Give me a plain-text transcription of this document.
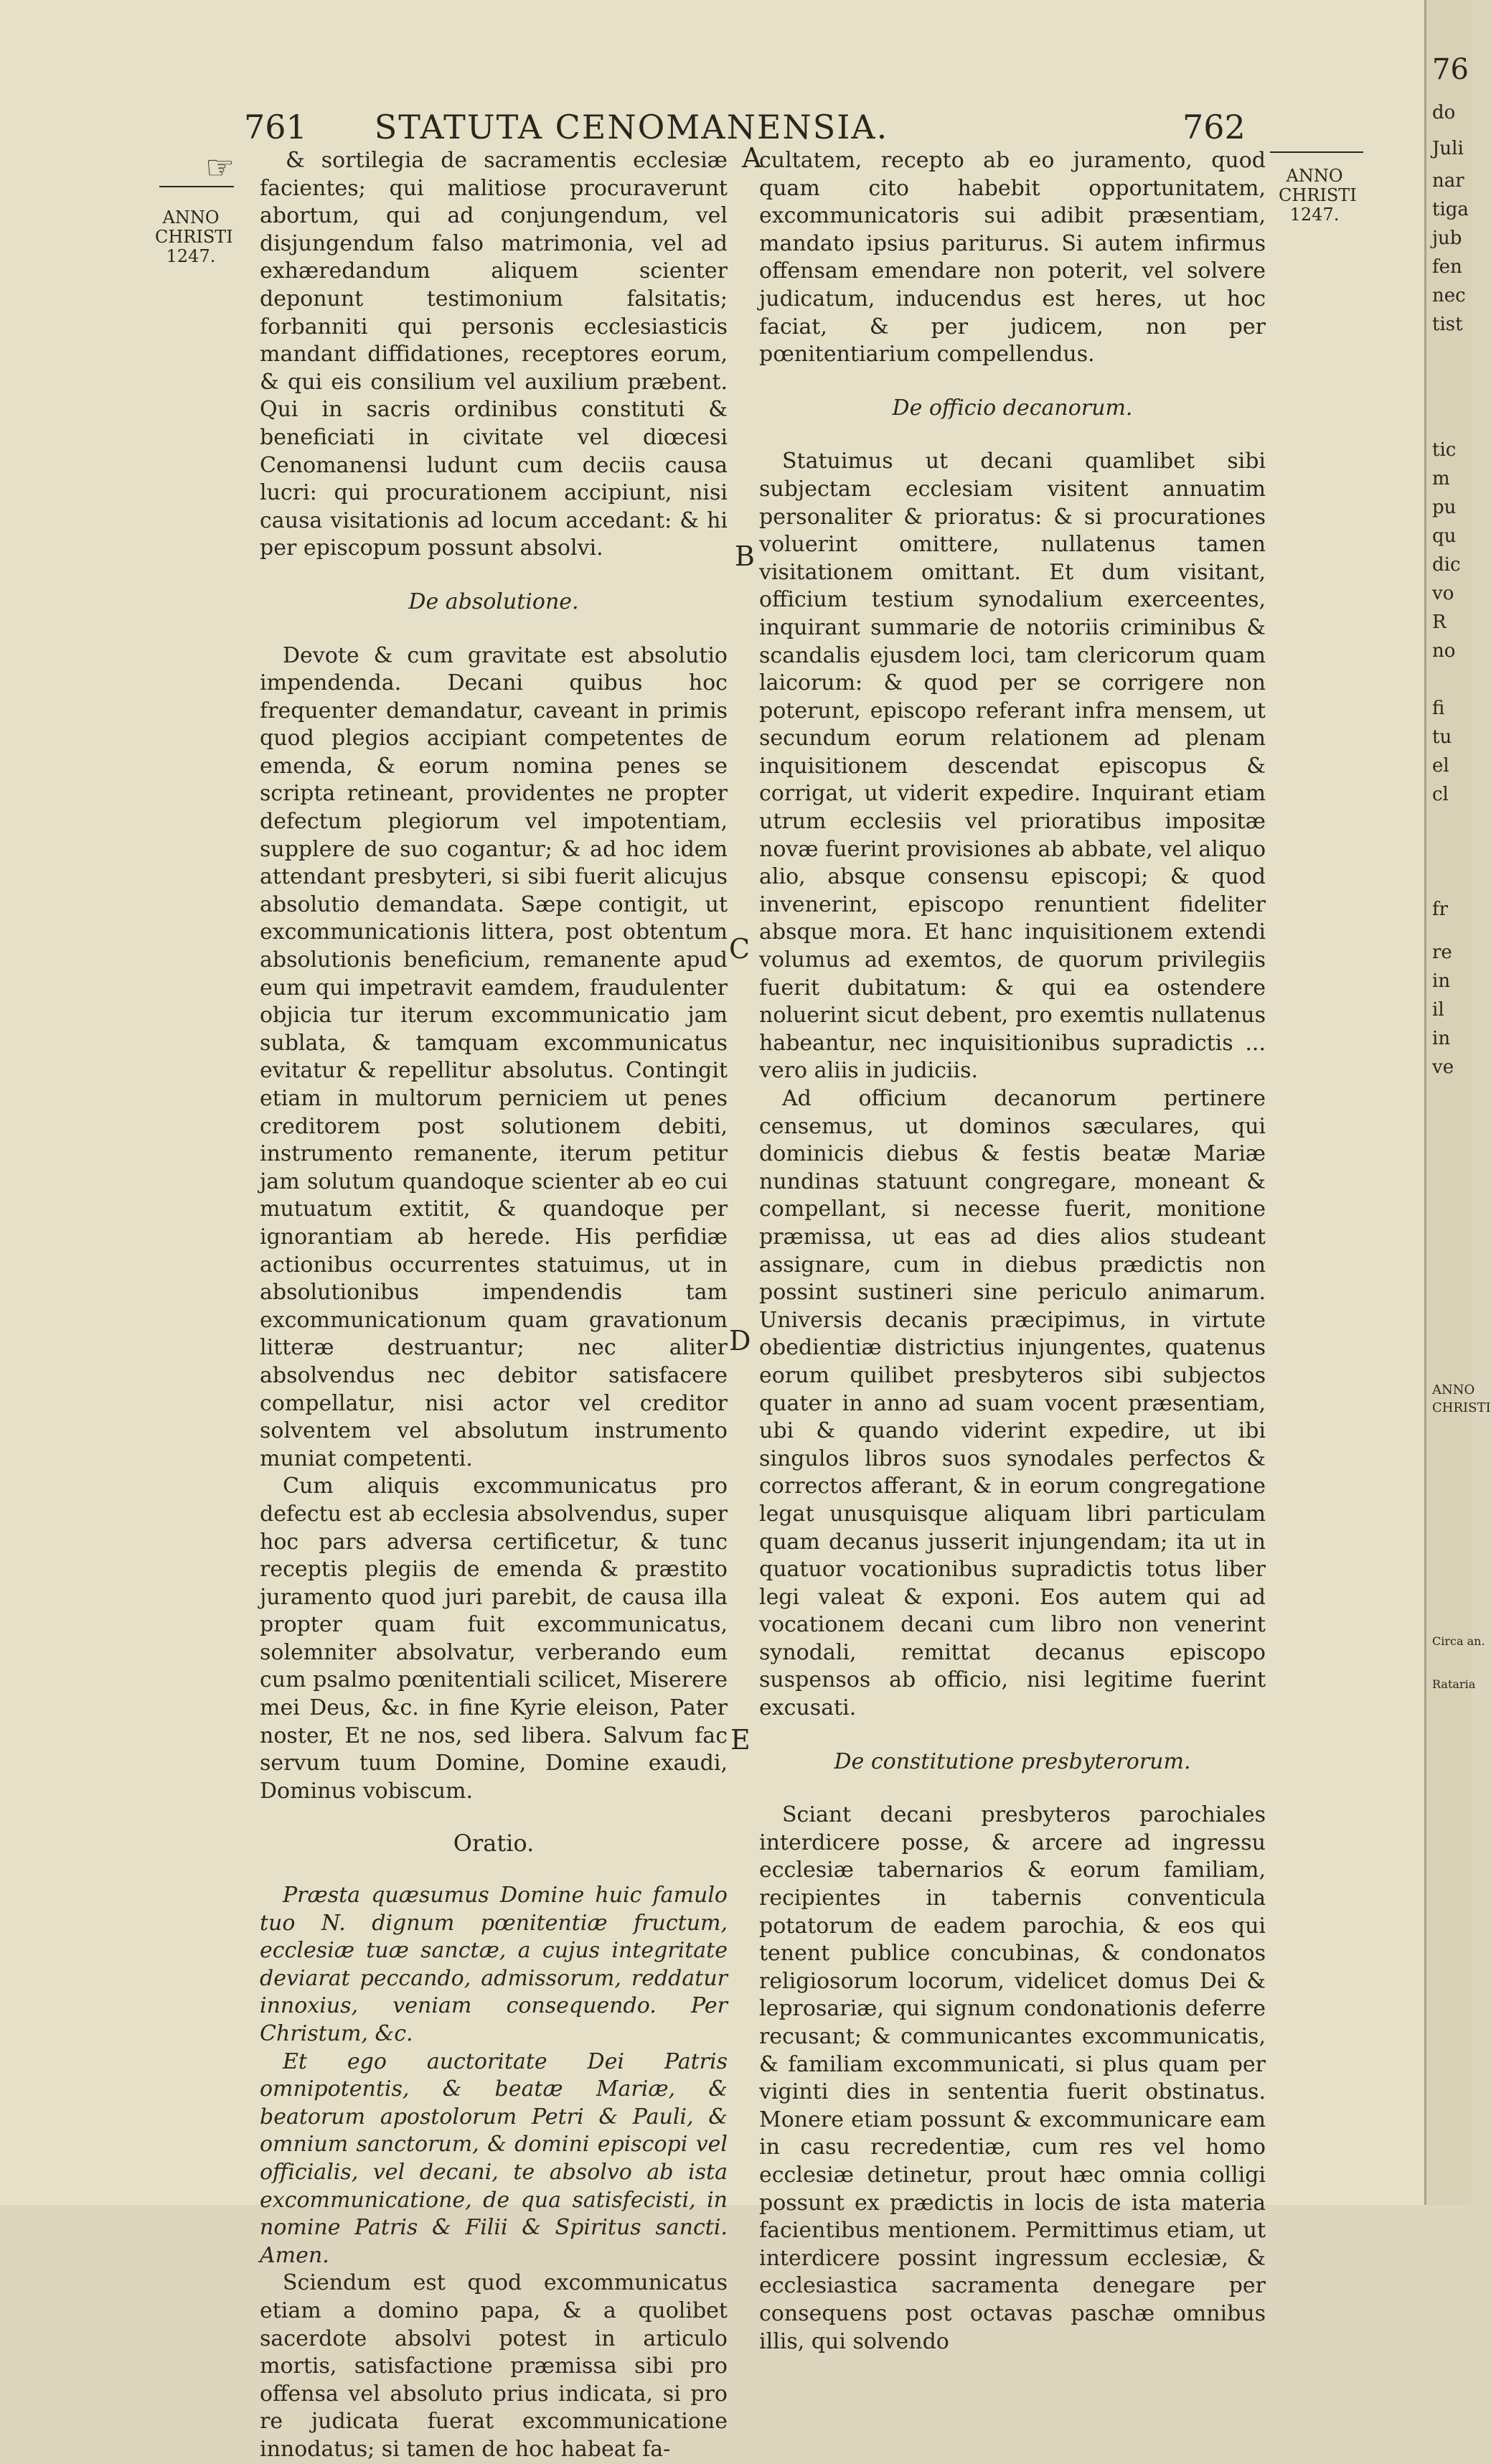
761	STATUTA CENOMANENSIA.	762
☞
ANNO
CHRISTI
1247.
ANNO
CHRISTI
1247.
A
B
C
D
E

& sortilegia de sacramentis ecclesiæ facientes; qui malitiose procuraverunt abortum, qui ad conjungendum, vel disjungendum falso matrimonia, vel ad exhæredandum aliquem scienter deponunt testimonium falsitatis; forbanniti qui personis ecclesiasticis mandant diffidationes, receptores eorum, & qui eis consilium vel auxilium præbent. Qui in sacris ordinibus constituti & beneficiati in civitate vel diœcesi Cenomanensi ludunt cum deciis causa lucri: qui procurationem accipiunt, nisi causa visitationis ad locum accedant: & hi per episcopum possunt absolvi.

De absolutione.

Devote & cum gravitate est absolutio impendenda. Decani quibus hoc frequenter demandatur, caveant in primis quod plegios accipiant competentes de emenda, & eorum nomina penes se scripta retineant, providentes ne propter defectum plegiorum vel impotentiam, supplere de suo cogantur; & ad hoc idem attendant presbyteri, si sibi fuerit alicujus absolutio demandata. Sæpe contigit, ut excommunicationis littera, post obtentum absolutionis beneficium, remanente apud eum qui impetravit eamdem, fraudulenter objicia tur iterum excommunicatio jam sublata, & tamquam excommunicatus evitatur & repellitur absolutus. Contingit etiam in multorum perniciem ut penes creditorem post solutionem debiti, instrumento remanente, iterum petitur jam solutum quandoque scienter ab eo cui mutuatum extitit, & quandoque per ignorantiam ab herede. His perfidiæ actionibus occurrentes statuimus, ut in absolutionibus impendendis tam excommunicationum quam gravationum litteræ destruantur; nec aliter absolvendus nec debitor satisfacere compellatur, nisi actor vel creditor solventem vel absolutum instrumento muniat competenti.

Cum aliquis excommunicatus pro defectu est ab ecclesia absolvendus, super hoc pars adversa certificetur, & tunc receptis plegiis de emenda & præstito juramento quod juri parebit, de causa illa propter quam fuit excommunicatus, solemniter absolvatur, verberando eum cum psalmo pœnitentiali scilicet, Miserere mei Deus, &c. in fine Kyrie eleison, Pater noster, Et ne nos, sed libera. Salvum fac servum tuum Domine, Domine exaudi, Dominus vobiscum.

Oratio.

Præsta quæsumus Domine huic famulo tuo N. dignum pœnitentiæ fructum, ecclesiæ tuæ sanctæ, a cujus integritate deviarat peccando, admissorum, reddatur innoxius, veniam consequendo. Per Christum, &c.

Et ego auctoritate Dei Patris omnipotentis, & beatæ Mariæ, & beatorum apostolorum Petri & Pauli, & omnium sanctorum, & domini episcopi vel officialis, vel decani, te absolvo ab ista excommunicatione, de qua satisfecisti, in nomine Patris & Filii & Spiritus sancti. Amen.

Sciendum est quod excommunicatus etiam a domino papa, & a quolibet sacerdote absolvi potest in articulo mortis, satisfactione præmissa sibi pro offensa vel absoluto prius indicata, si pro re judicata fuerat excommunicatione innodatus; si tamen de hoc habeat fa-

cultatem, recepto ab eo juramento, quod quam cito habebit opportunitatem, excommunicatoris sui adibit præsentiam, mandato ipsius pariturus. Si autem infirmus offensam emendare non poterit, vel solvere judicatum, inducendus est heres, ut hoc faciat, & per judicem, non per pœnitentiarium compellendus.

De officio decanorum.

Statuimus ut decani quamlibet sibi subjectam ecclesiam visitent annuatim personaliter & prioratus: & si procurationes voluerint omittere, nullatenus tamen visitationem omittant. Et dum visitant, officium testium synodalium exerceentes, inquirant summarie de notoriis criminibus & scandalis ejusdem loci, tam clericorum quam laicorum: & quod per se corrigere non poterunt, episcopo referant infra mensem, ut secundum eorum relationem ad plenam inquisitionem descendat episcopus & corrigat, ut viderit expedire. Inquirant etiam utrum ecclesiis vel prioratibus impositæ novæ fuerint provisiones ab abbate, vel aliquo alio, absque consensu episcopi; & quod invenerint, episcopo renuntient fideliter absque mora. Et hanc inquisitionem extendi volumus ad exemtos, de quorum privilegiis fuerit dubitatum: & qui ea ostendere noluerint sicut debent, pro exemtis nullatenus habeantur, nec inquisitionibus supradictis ... vero aliis in judiciis.

Ad officium decanorum pertinere censemus, ut dominos sæculares, qui dominicis diebus & festis beatæ Mariæ nundinas statuunt congregare, moneant & compellant, si necesse fuerit, monitione præmissa, ut eas ad dies alios studeant assignare, cum in diebus prædictis non possint sustineri sine periculo animarum. Universis decanis præcipimus, in virtute obedientiæ districtius injungentes, quatenus eorum quilibet presbyteros sibi subjectos quater in anno ad suam vocent præsentiam, ubi & quando viderint expedire, ut ibi singulos libros suos synodales perfectos & correctos afferant, & in eorum congregatione legat unusquisque aliquam libri particulam quam decanus jusserit injungendam; ita ut in quatuor vocationibus supradictis totus liber legi valeat & exponi. Eos autem qui ad vocationem decani cum libro non venerint synodali, remittat decanus episcopo suspensos ab officio, nisi legitime fuerint excusati.

De constitutione presbyterorum.

Sciant decani presbyteros parochiales interdicere posse, & arcere ad ingressu ecclesiæ tabernarios & eorum familiam, recipientes in tabernis conventicula potatorum de eadem parochia, & eos qui tenent publice concubinas, & condonatos religiosorum locorum, videlicet domus Dei & leprosariæ, qui signum condonationis deferre recusant; & communicantes excommunicatis, & familiam excommunicati, si plus quam per viginti dies in sententia fuerit obstinatus. Monere etiam possunt & excommunicare eam in casu recredentiæ, cum res vel homo ecclesiæ detinetur, prout hæc omnia colligi possunt ex prædictis in locis de ista materia facientibus mentionem. Permittimus etiam, ut interdicere possint ingressum ecclesiæ, & ecclesiastica sacramenta denegare per consequens post octavas paschæ omnibus illis, qui solvendo

76
do
Juli
nar
tiga
jub
fen
nec
tist
tic
m
pu
qu
dic
vo
R
no
fi
tu
el
cl
fr
re
in
il
in
ve
ANNO
CHRISTI
Circa an.
Rataria
